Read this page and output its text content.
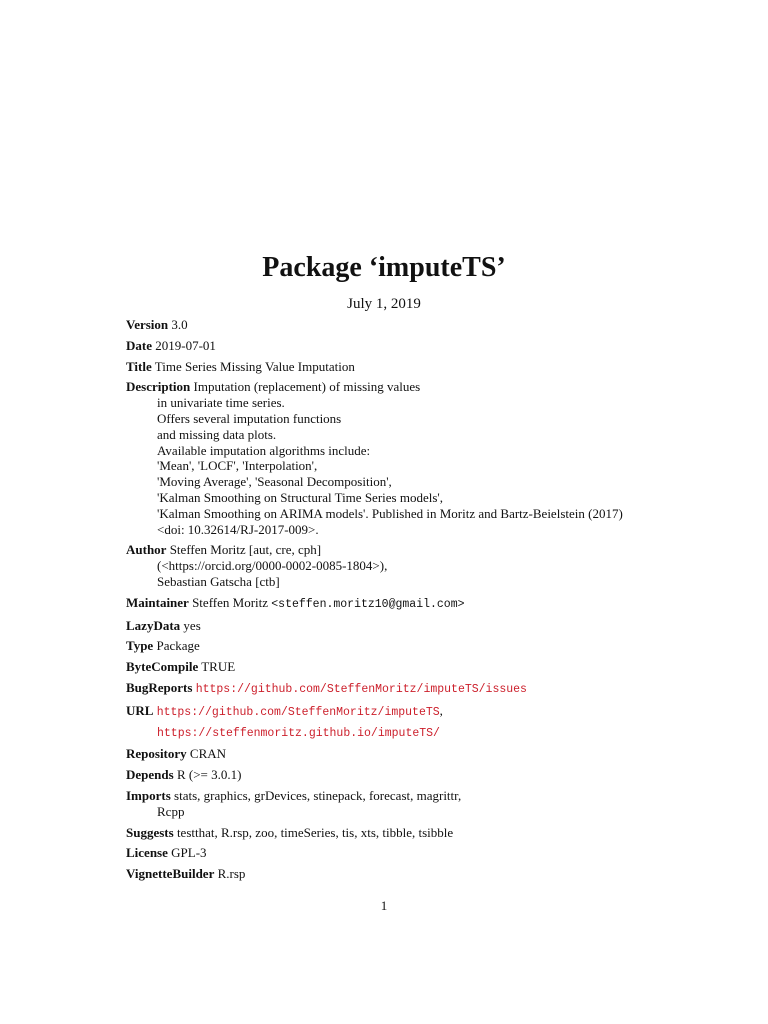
Package ‘imputeTS’
July 1, 2019
Version 3.0
Date 2019-07-01
Title Time Series Missing Value Imputation
Description Imputation (replacement) of missing values
in univariate time series.
Offers several imputation functions
and missing data plots.
Available imputation algorithms include:
'Mean', 'LOCF', 'Interpolation',
'Moving Average', 'Seasonal Decomposition',
'Kalman Smoothing on Structural Time Series models',
'Kalman Smoothing on ARIMA models'. Published in Moritz and Bartz-Beielstein (2017)
<doi: 10.32614/RJ-2017-009>.
Author Steffen Moritz [aut, cre, cph]
(<https://orcid.org/0000-0002-0085-1804>),
Sebastian Gatscha [ctb]
Maintainer Steffen Moritz <steffen.moritz10@gmail.com>
LazyData yes
Type Package
ByteCompile TRUE
BugReports https://github.com/SteffenMoritz/imputeTS/issues
URL https://github.com/SteffenMoritz/imputeTS,
https://steffenmoritz.github.io/imputeTS/
Repository CRAN
Depends R (>= 3.0.1)
Imports stats, graphics, grDevices, stinepack, forecast, magrittr,
Rcpp
Suggests testthat, R.rsp, zoo, timeSeries, tis, xts, tibble, tsibble
License GPL-3
VignetteBuilder R.rsp
1
